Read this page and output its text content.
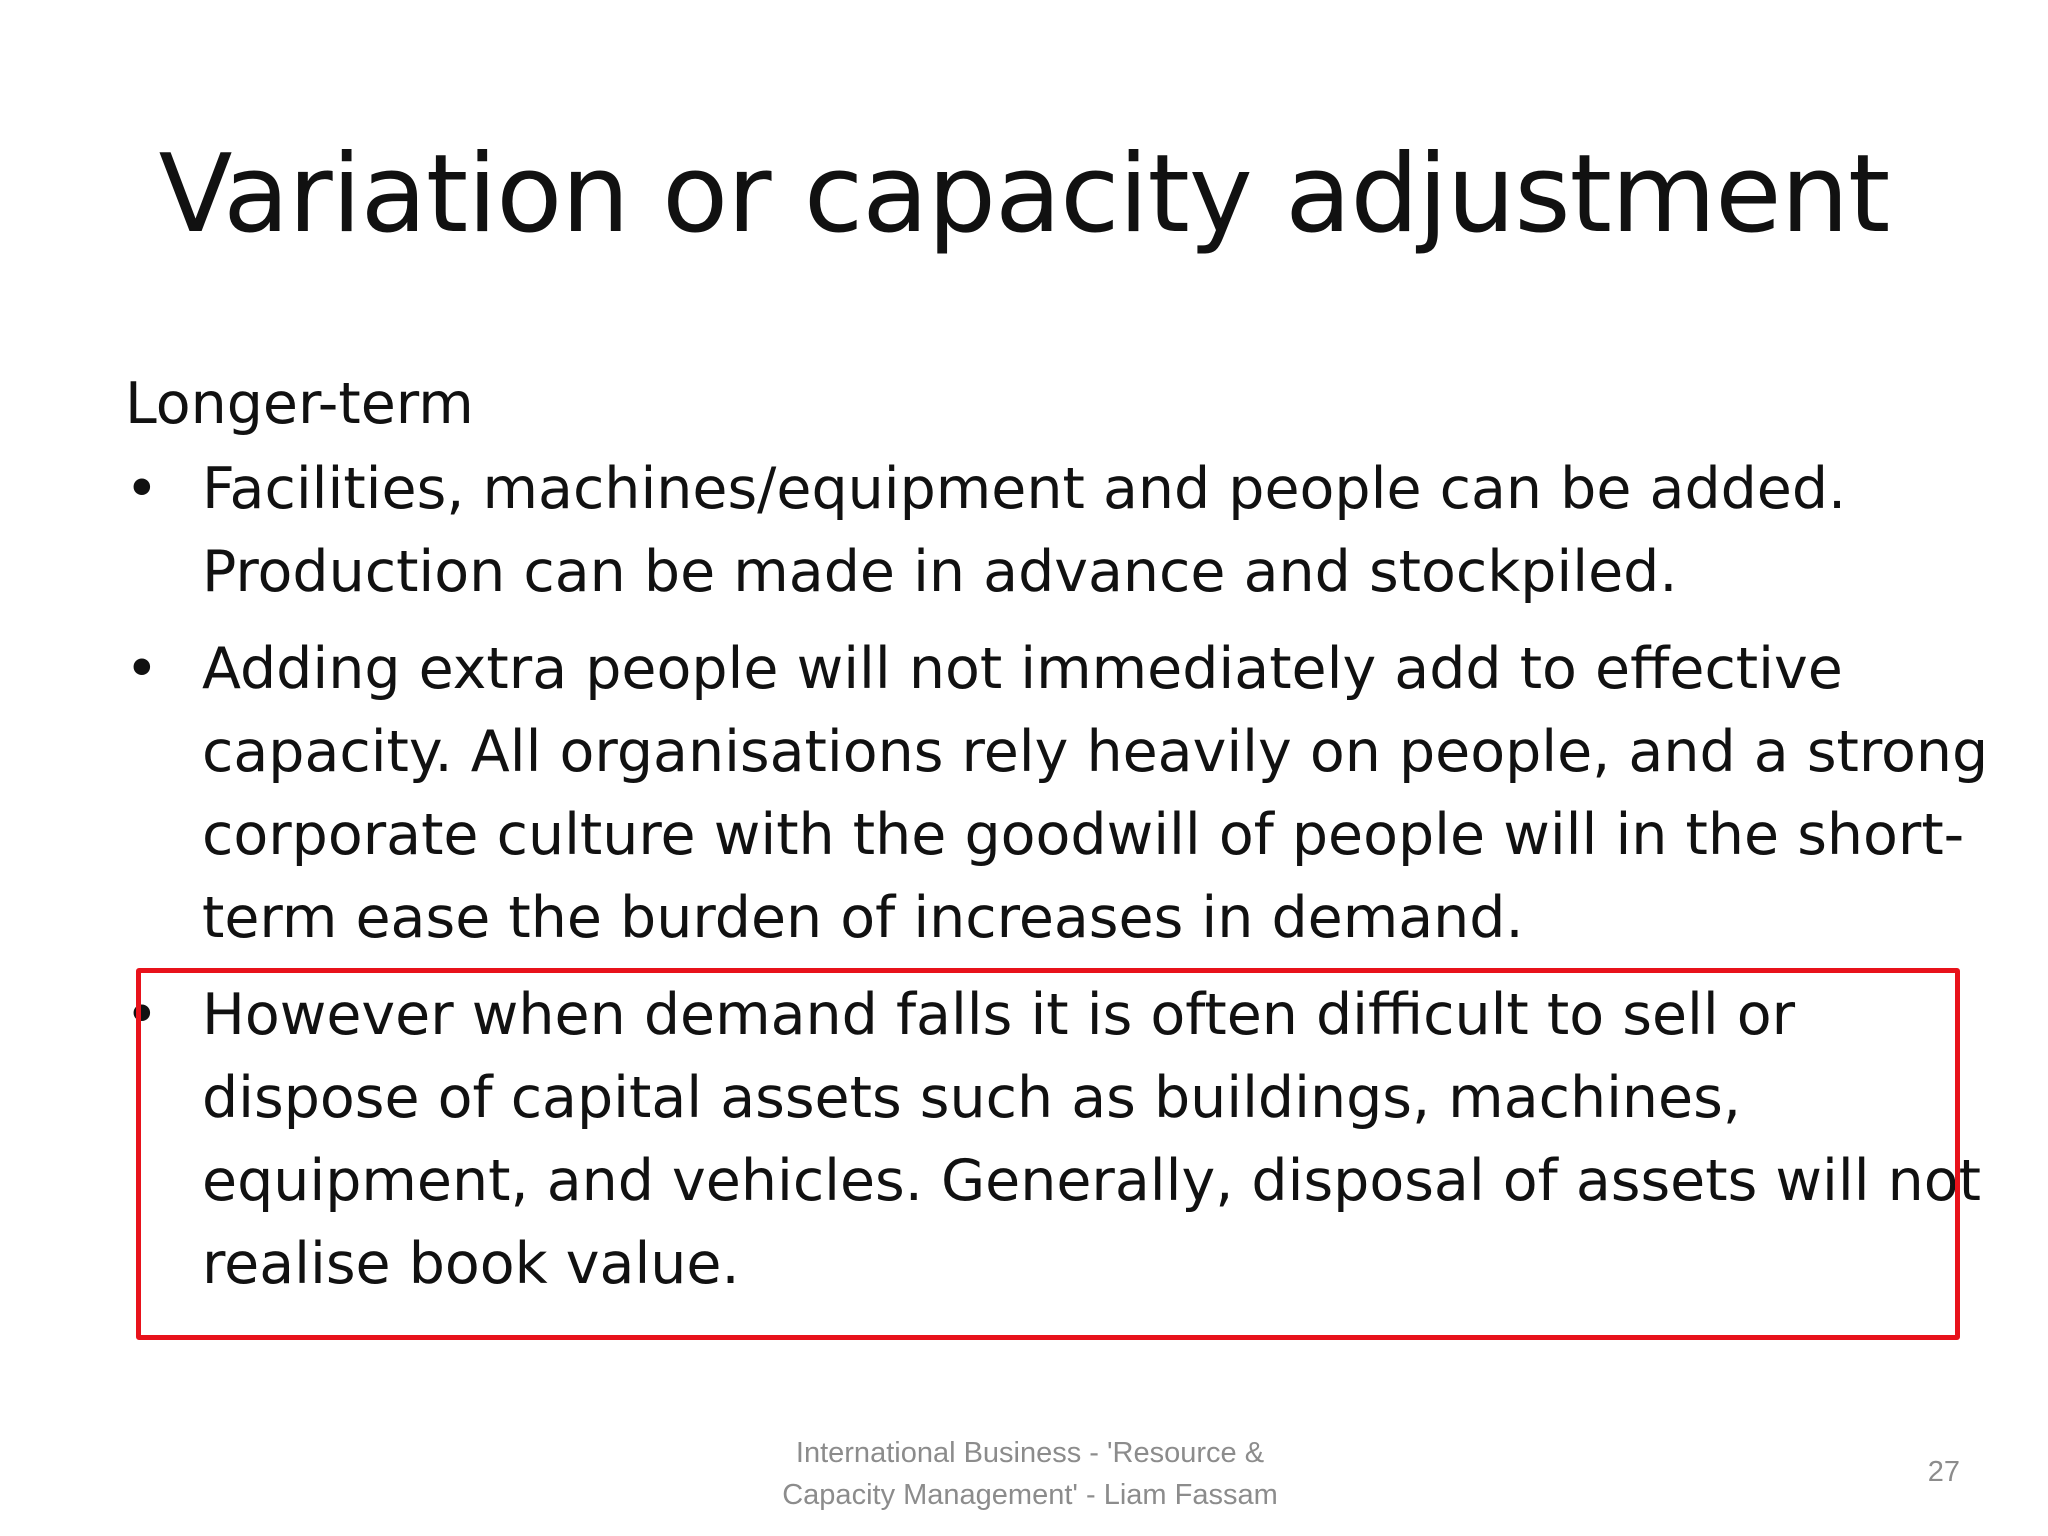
Variation or capacity adjustment
Longer-term
• Facilities, machines/equipment and people can be added.
Production can be made in advance and stockpiled.
• Adding extra people will not immediately add to effective
capacity. All organisations rely heavily on people, and a strong
corporate culture with the goodwill of people will in the short-
term ease the burden of increases in demand.
• However when demand falls it is often difficult to sell or
dispose of capital assets such as buildings, machines,
equipment, and vehicles. Generally, disposal of assets will not
realise book value.
International Business - 'Resource &
Capacity Management' - Liam Fassam
27
